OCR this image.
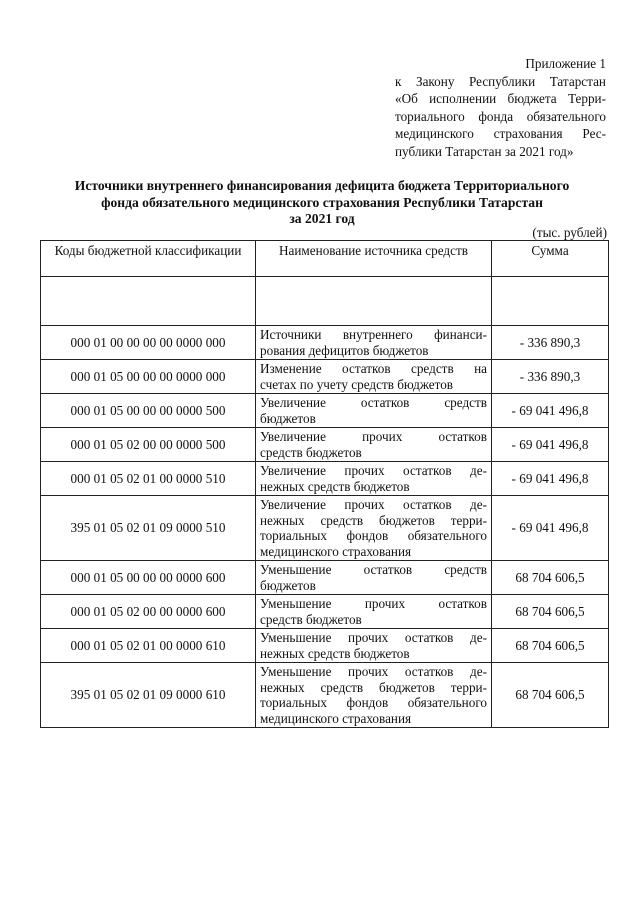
Приложение 1
к Закону Республики Татарстан
«Об исполнении бюджета Терри-
ториального фонда обязательного
медицинского страхования Рес-
публики Татарстан за 2021 год»
Источники внутреннего финансирования дефицита бюджета Территориального
фонда обязательного медицинского страхования Республики Татарстан
за 2021 год
(тыс. рублей)
Коды бюджетной классификации	Наименование источника средств	Сумма

000 01 00 00 00 00 0000 000	Источники внутреннего финанси-
рования дефицитов бюджетов	- 336 890,3
000 01 05 00 00 00 0000 000	Изменение остатков средств на
счетах по учету средств бюджетов	- 336 890,3
000 01 05 00 00 00 0000 500	Увеличение остатков средств
бюджетов	- 69 041 496,8
000 01 05 02 00 00 0000 500	Увеличение прочих остатков
средств бюджетов	- 69 041 496,8
000 01 05 02 01 00 0000 510	Увеличение прочих остатков де-
нежных средств бюджетов	- 69 041 496,8
395 01 05 02 01 09 0000 510	Увеличение прочих остатков де-
нежных средств бюджетов терри-
ториальных фондов обязательного
медицинского страхования	- 69 041 496,8
000 01 05 00 00 00 0000 600	Уменьшение остатков средств
бюджетов	68 704 606,5
000 01 05 02 00 00 0000 600	Уменьшение прочих остатков
средств бюджетов	68 704 606,5
000 01 05 02 01 00 0000 610	Уменьшение прочих остатков де-
нежных средств бюджетов	68 704 606,5
395 01 05 02 01 09 0000 610	Уменьшение прочих остатков де-
нежных средств бюджетов терри-
ториальных фондов обязательного
медицинского страхования	68 704 606,5
